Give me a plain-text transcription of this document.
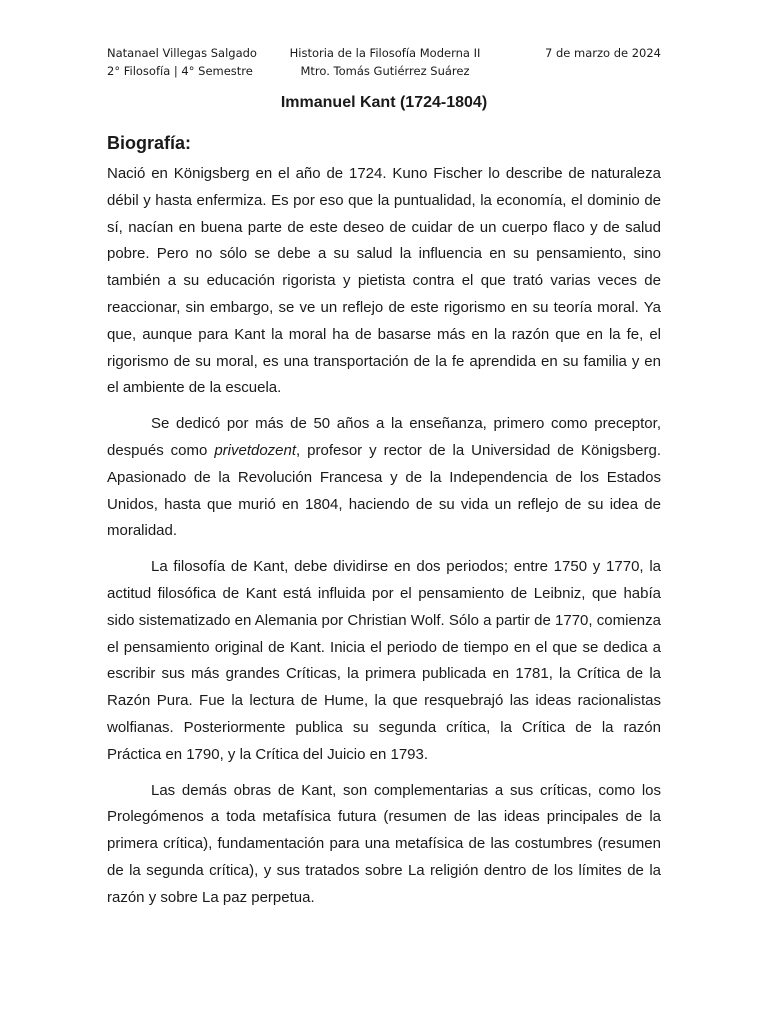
Natanael Villegas Salgado
2° Filosofía | 4° Semestre
Historia de la Filosofía Moderna II
Mtro. Tomás Gutiérrez Suárez
7 de marzo de 2024
Immanuel Kant (1724-1804)
Biografía:

Nació en Königsberg en el año de 1724. Kuno Fischer lo describe de naturaleza débil y hasta enfermiza. Es por eso que la puntualidad, la economía, el dominio de sí, nacían en buena parte de este deseo de cuidar de un cuerpo flaco y de salud pobre. Pero no sólo se debe a su salud la influencia en su pensamiento, sino también a su educación rigorista y pietista contra el que trató varias veces de reaccionar, sin embargo, se ve un reflejo de este rigorismo en su teoría moral. Ya que, aunque para Kant la moral ha de basarse más en la razón que en la fe, el rigorismo de su moral, es una transportación de la fe aprendida en su familia y en el ambiente de la escuela.

Se dedicó por más de 50 años a la enseñanza, primero como preceptor, después como privetdozent, profesor y rector de la Universidad de Königsberg. Apasionado de la Revolución Francesa y de la Independencia de los Estados Unidos, hasta que murió en 1804, haciendo de su vida un reflejo de su idea de moralidad.

La filosofía de Kant, debe dividirse en dos periodos; entre 1750 y 1770, la actitud filosófica de Kant está influida por el pensamiento de Leibniz, que había sido sistematizado en Alemania por Christian Wolf. Sólo a partir de 1770, comienza el pensamiento original de Kant. Inicia el periodo de tiempo en el que se dedica a escribir sus más grandes Críticas, la primera publicada en 1781, la Crítica de la Razón Pura. Fue la lectura de Hume, la que resquebrajó las ideas racionalistas wolfianas. Posteriormente publica su segunda crítica, la Crítica de la razón Práctica en 1790, y la Crítica del Juicio en 1793.

Las demás obras de Kant, son complementarias a sus críticas, como los Prolegómenos a toda metafísica futura (resumen de las ideas principales de la primera crítica), fundamentación para una metafísica de las costumbres (resumen de la segunda crítica), y sus tratados sobre La religión dentro de los límites de la razón y sobre La paz perpetua.
